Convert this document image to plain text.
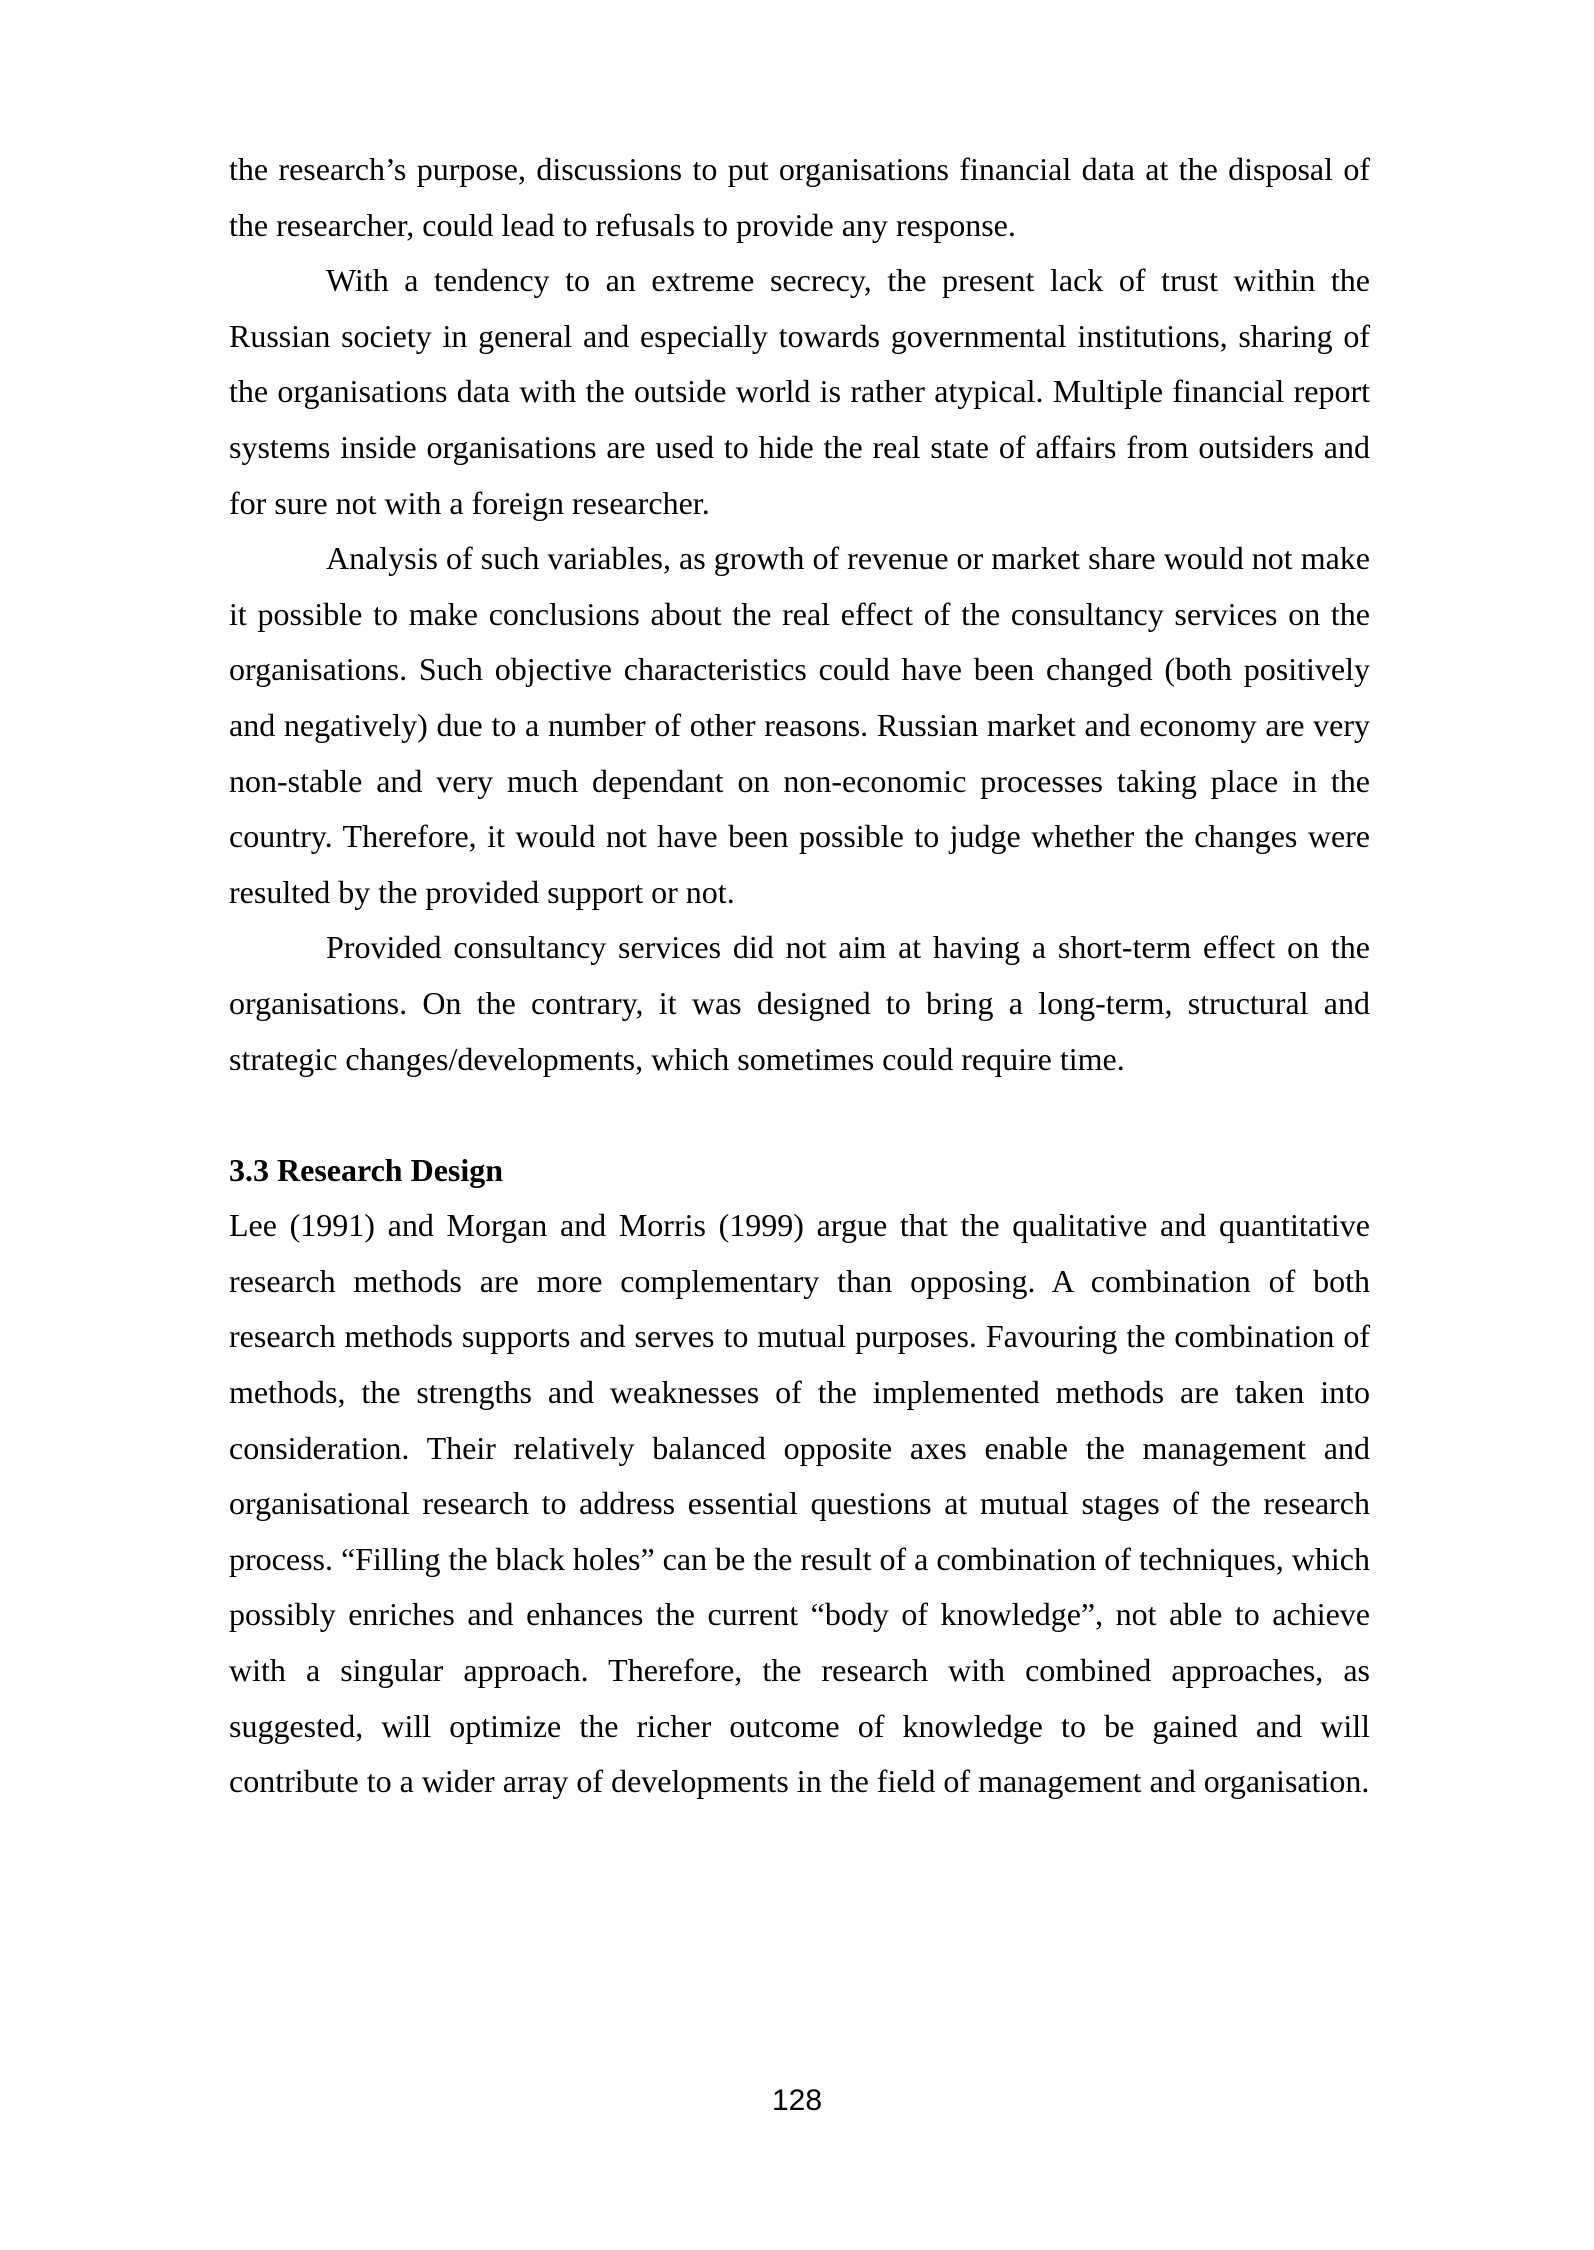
the research’s purpose, discussions to put organisations financial data at the disposal of the researcher, could lead to refusals to provide any response.

With a tendency to an extreme secrecy, the present lack of trust within the Russian society in general and especially towards governmental institutions, sharing of the organisations data with the outside world is rather atypical. Multiple financial report systems inside organisations are used to hide the real state of affairs from outsiders and for sure not with a foreign researcher.

Analysis of such variables, as growth of revenue or market share would not make it possible to make conclusions about the real effect of the consultancy services on the organisations. Such objective characteristics could have been changed (both positively and negatively) due to a number of other reasons. Russian market and economy are very non-stable and very much dependant on non-economic processes taking place in the country. Therefore, it would not have been possible to judge whether the changes were resulted by the provided support or not.

Provided consultancy services did not aim at having a short-term effect on the organisations. On the contrary, it was designed to bring a long-term, structural and strategic changes/developments, which sometimes could require time.

3.3 Research Design

Lee (1991) and Morgan and Morris (1999) argue that the qualitative and quantitative research methods are more complementary than opposing. A combination of both research methods supports and serves to mutual purposes. Favouring the combination of methods, the strengths and weaknesses of the implemented methods are taken into consideration. Their relatively balanced opposite axes enable the management and organisational research to address essential questions at mutual stages of the research process. “Filling the black holes” can be the result of a combination of techniques, which possibly enriches and enhances the current “body of knowledge”, not able to achieve with a singular approach. Therefore, the research with combined approaches, as suggested, will optimize the richer outcome of knowledge to be gained and will contribute to a wider array of developments in the field of management and organisation.

128
